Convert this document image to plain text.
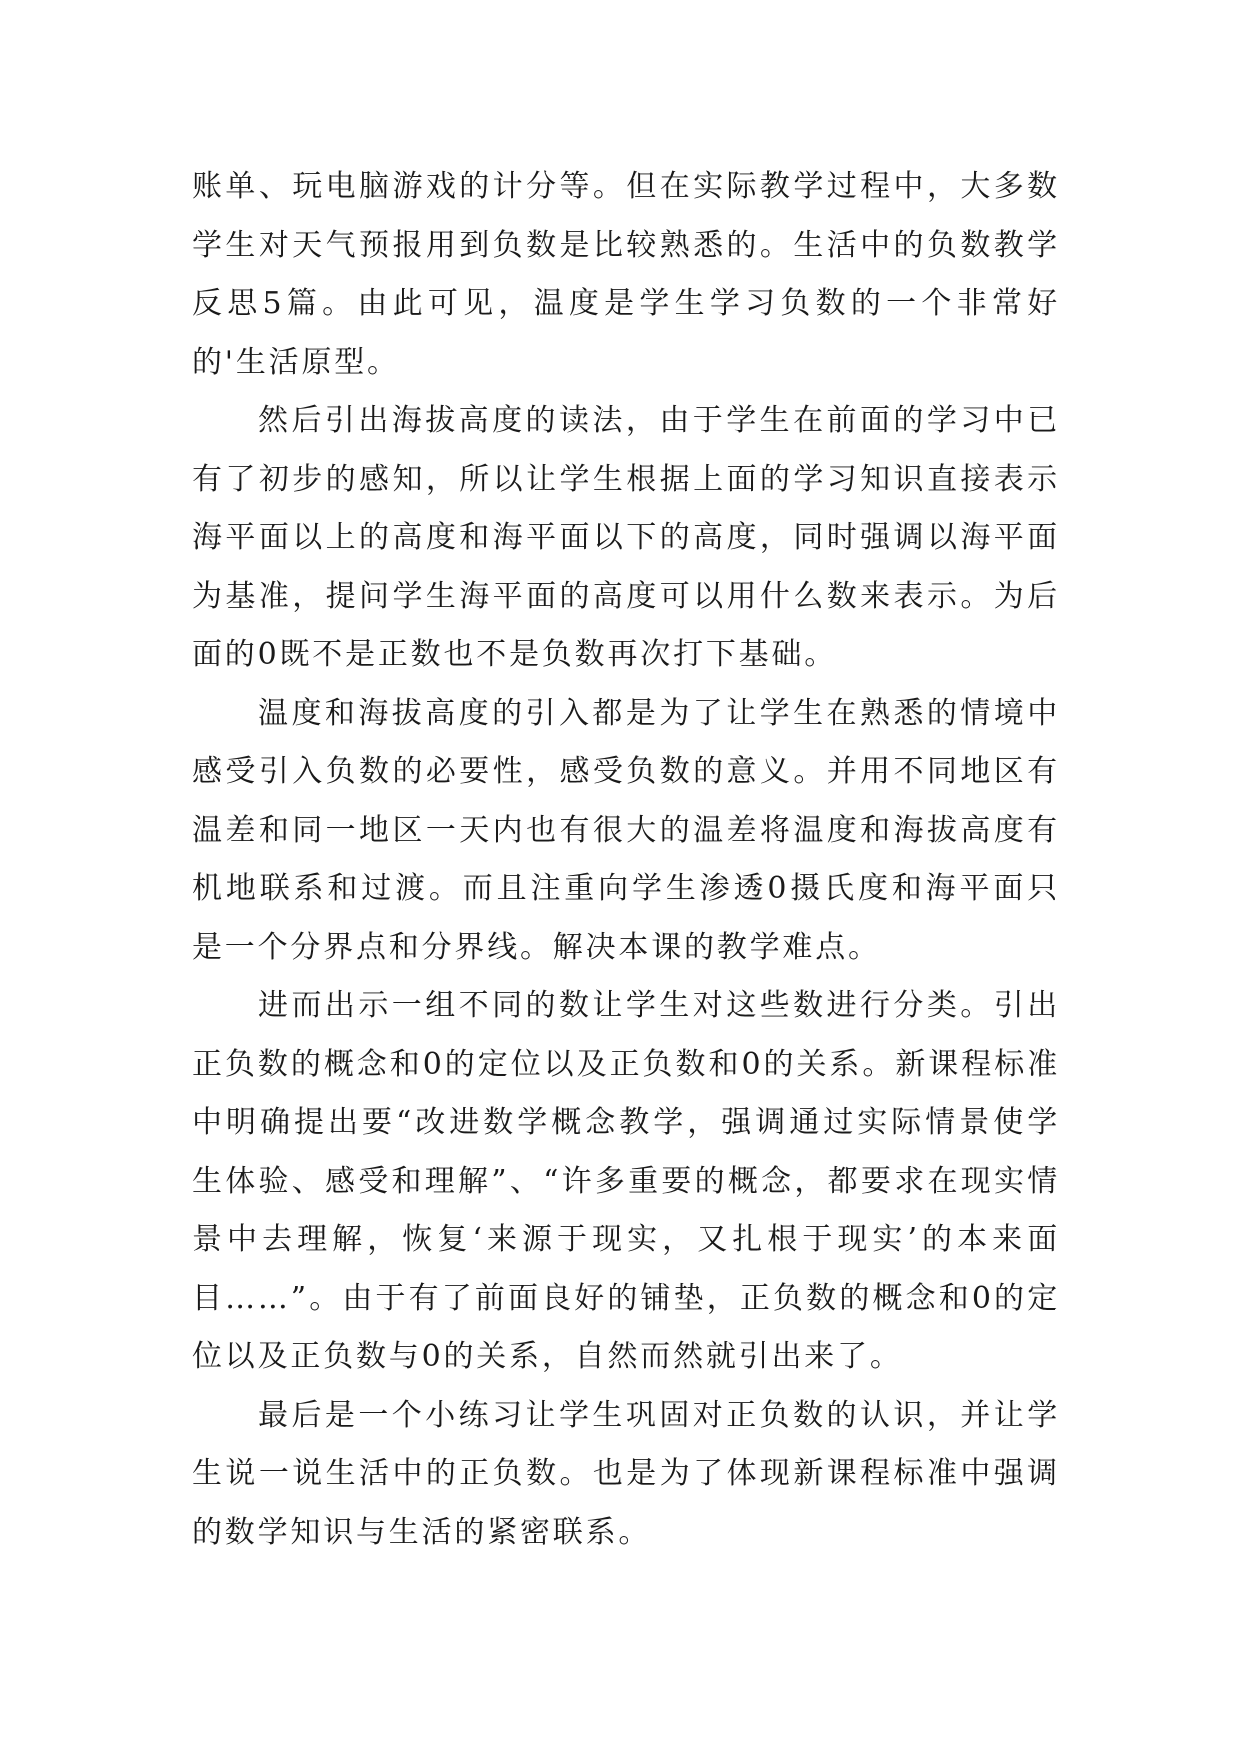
账单、玩电脑游戏的计分等。但在实际教学过程中，大多数学生对天气预报用到负数是比较熟悉的。生活中的负数教学反思5篇。由此可见，温度是学生学习负数的一个非常好的'生活原型。

然后引出海拔高度的读法，由于学生在前面的学习中已有了初步的感知，所以让学生根据上面的学习知识直接表示海平面以上的高度和海平面以下的高度，同时强调以海平面为基准，提问学生海平面的高度可以用什么数来表示。为后面的0既不是正数也不是负数再次打下基础。

温度和海拔高度的引入都是为了让学生在熟悉的情境中感受引入负数的必要性，感受负数的意义。并用不同地区有温差和同一地区一天内也有很大的温差将温度和海拔高度有机地联系和过渡。而且注重向学生渗透0摄氏度和海平面只是一个分界点和分界线。解决本课的教学难点。

进而出示一组不同的数让学生对这些数进行分类。引出正负数的概念和0的定位以及正负数和0的关系。新课程标准中明确提出要“改进数学概念教学，强调通过实际情景使学生体验、感受和理解”、“许多重要的概念，都要求在现实情景中去理解，恢复‘来源于现实，又扎根于现实’的本来面目……”。由于有了前面良好的铺垫，正负数的概念和0的定位以及正负数与0的关系，自然而然就引出来了。

最后是一个小练习让学生巩固对正负数的认识，并让学生说一说生活中的正负数。也是为了体现新课程标准中强调的数学知识与生活的紧密联系。
